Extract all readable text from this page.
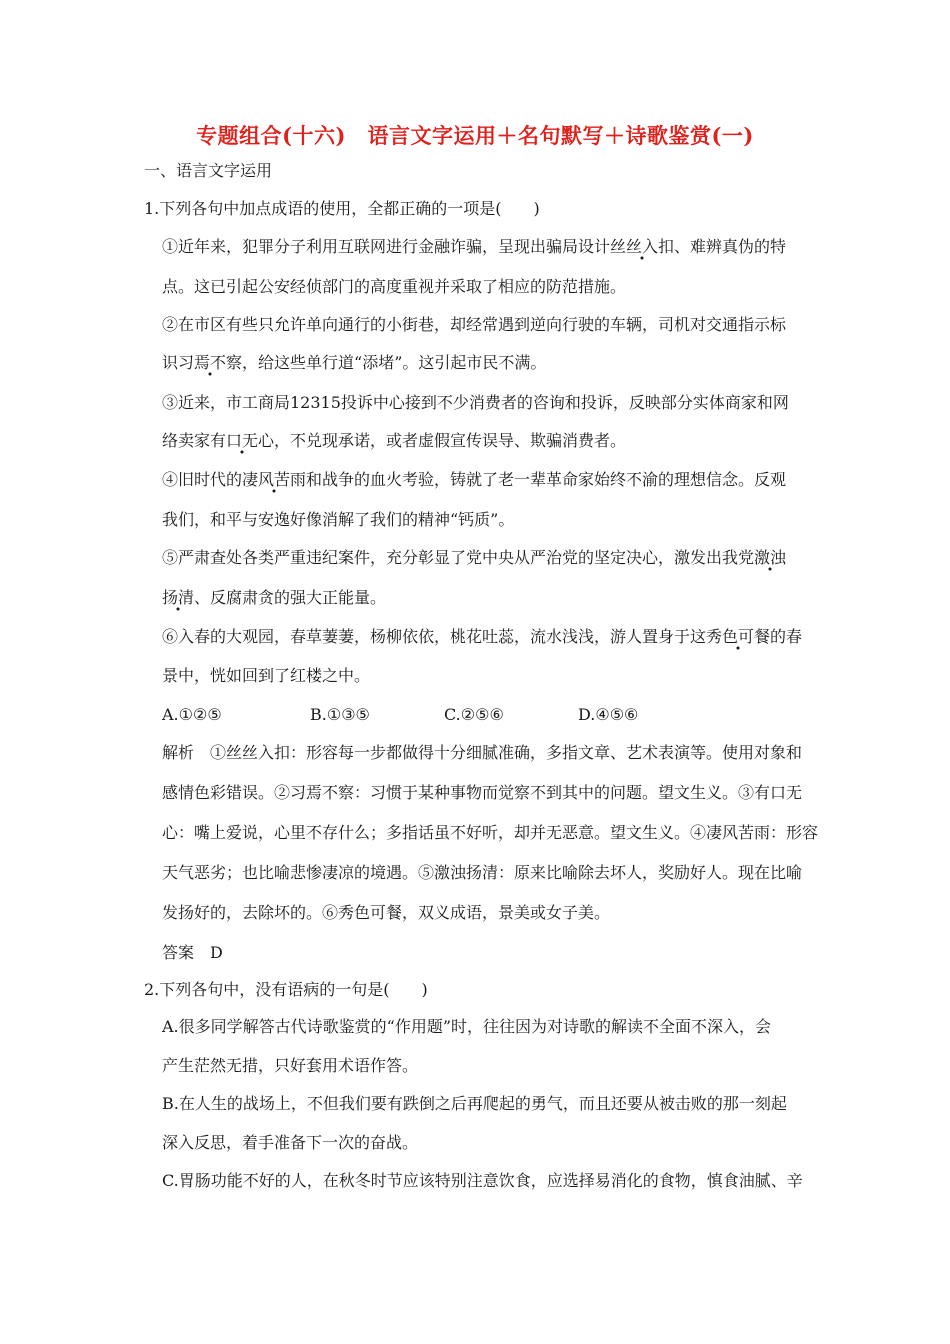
专题组合(十六)　语言文字运用＋名句默写＋诗歌鉴赏(一)
一、语言文字运用
1.下列各句中加点成语的使用，全都正确的一项是(　　)
①近年来，犯罪分子利用互联网进行金融诈骗，呈现出骗局设计丝丝入扣、难辨真伪的特
点。这已引起公安经侦部门的高度重视并采取了相应的防范措施。
②在市区有些只允许单向通行的小街巷，却经常遇到逆向行驶的车辆，司机对交通指示标
识习焉不察，给这些单行道“添堵”。这引起市民不满。
③近来，市工商局12315投诉中心接到不少消费者的咨询和投诉，反映部分实体商家和网
络卖家有口无心，不兑现承诺，或者虚假宣传误导、欺骗消费者。
④旧时代的凄风苦雨和战争的血火考验，铸就了老一辈革命家始终不渝的理想信念。反观
我们，和平与安逸好像消解了我们的精神“钙质”。
⑤严肃查处各类严重违纪案件，充分彰显了党中央从严治党的坚定决心，激发出我党激浊
扬清、反腐肃贪的强大正能量。
⑥入春的大观园，春草萋萋，杨柳依依，桃花吐蕊，流水浅浅，游人置身于这秀色可餐的春
景中，恍如回到了红楼之中。
A.①②⑤	B.①③⑤	C.②⑤⑥	D.④⑤⑥
解析　①丝丝入扣：形容每一步都做得十分细腻准确，多指文章、艺术表演等。使用对象和
感情色彩错误。②习焉不察：习惯于某种事物而觉察不到其中的问题。望文生义。③有口无
心：嘴上爱说，心里不存什么；多指话虽不好听，却并无恶意。望文生义。④凄风苦雨：形容
天气恶劣；也比喻悲惨凄凉的境遇。⑤激浊扬清：原来比喻除去坏人，奖励好人。现在比喻
发扬好的，去除坏的。⑥秀色可餐，双义成语，景美或女子美。
答案　D
2.下列各句中，没有语病的一句是(　　)
A.很多同学解答古代诗歌鉴赏的“作用题”时，往往因为对诗歌的解读不全面不深入，会
产生茫然无措，只好套用术语作答。
B.在人生的战场上，不但我们要有跌倒之后再爬起的勇气，而且还要从被击败的那一刻起
深入反思，着手准备下一次的奋战。
C.胃肠功能不好的人，在秋冬时节应该特别注意饮食，应选择易消化的食物，慎食油腻、辛
